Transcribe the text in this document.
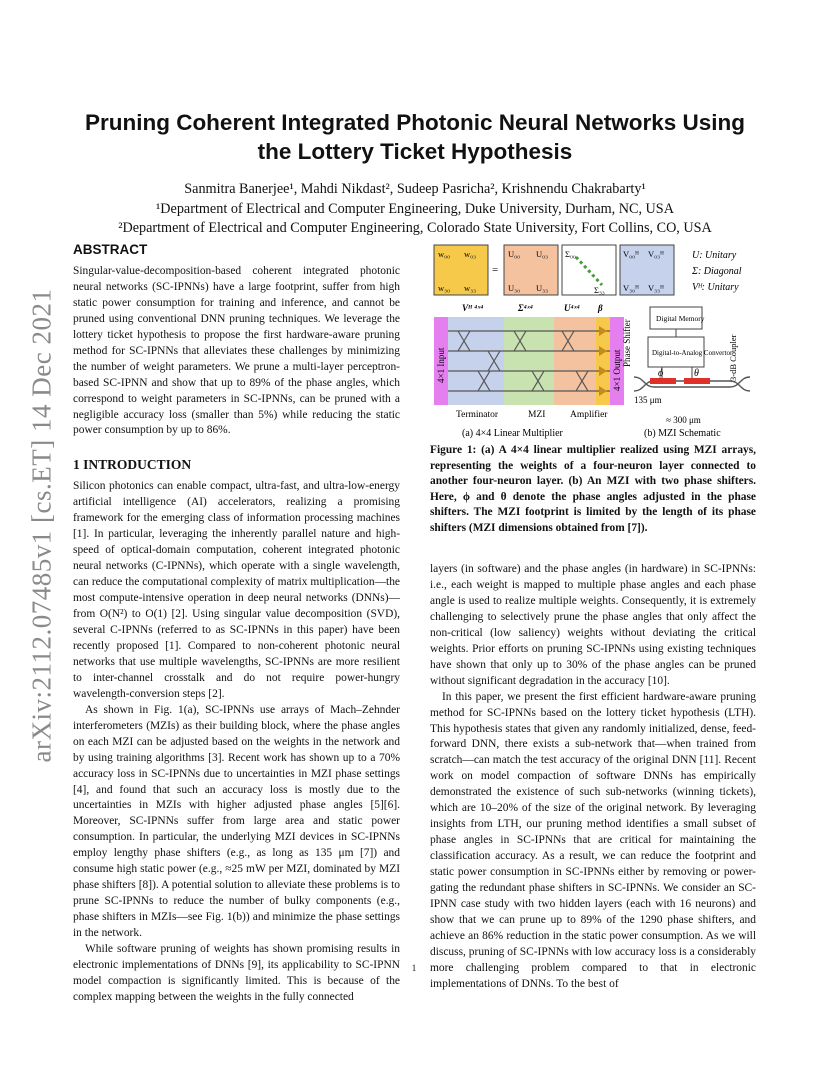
arXiv:2112.07485v1 [cs.ET] 14 Dec 2021
Pruning Coherent Integrated Photonic Neural Networks Using the Lottery Ticket Hypothesis
Sanmitra Banerjee¹, Mahdi Nikdast², Sudeep Pasricha², Krishnendu Chakrabarty¹
¹Department of Electrical and Computer Engineering, Duke University, Durham, NC, USA
²Department of Electrical and Computer Engineering, Colorado State University, Fort Collins, CO, USA
ABSTRACT

Singular-value-decomposition-based coherent integrated photonic neural networks (SC-IPNNs) have a large footprint, suffer from high static power consumption for training and inference, and cannot be pruned using conventional DNN pruning techniques. We leverage the lottery ticket hypothesis to propose the first hardware-aware pruning method for SC-IPNNs that alleviates these challenges by minimizing the number of weight parameters. We prune a multi-layer perceptron-based SC-IPNN and show that up to 89% of the phase angles, which correspond to weight parameters in SC-IPNNs, can be pruned with a negligible accuracy loss (smaller than 5%) while reducing the static power consumption by up to 86%.

1 INTRODUCTION

Silicon photonics can enable compact, ultra-fast, and ultra-low-energy artificial intelligence (AI) accelerators, realizing a promising framework for the emerging class of information processing machines [1]. In particular, leveraging the inherently parallel nature and high-speed of optical-domain computation, coherent integrated photonic neural networks (C-IPNNs), which operate with a single wavelength, can reduce the computational complexity of matrix multiplication—the most compute-intensive operation in deep neural networks (DNNs)—from O(N²) to O(1) [2]. Using singular value decomposition (SVD), several C-IPNNs (referred to as SC-IPNNs in this paper) have been recently proposed [1]. Compared to non-coherent photonic neural networks that use multiple wavelengths, SC-IPNNs are more resilient to inter-channel crosstalk and do not require power-hungry wavelength-conversion steps [2].

As shown in Fig. 1(a), SC-IPNNs use arrays of Mach–Zehnder interferometers (MZIs) as their building block, where the phase angles on each MZI can be adjusted based on the weights in the network and by using training algorithms [3]. Recent work has shown up to a 70% accuracy loss in SC-IPNNs due to uncertainties in MZI phase settings [4], and found that such an accuracy loss is mostly due to the uncertainties in MZIs with higher adjusted phase angles [5][6]. Moreover, SC-IPNNs suffer from large area and static power consumption. In particular, the underlying MZI devices in SC-IPNNs employ lengthy phase shifters (e.g., as long as 135 μm [7]) and consume high static power (e.g., ≈25 mW per MZI, dominated by MZI phase shifters [8]). A potential solution to alleviate these problems is to prune SC-IPNNs to reduce the number of bulky components (e.g., phase shifters in MZIs—see Fig. 1(b)) and minimize the phase settings in the network.

While software pruning of weights has shown promising results in electronic implementations of DNNs [9], its applicability to SC-IPNN model compaction is significantly limited. This is because of the complex mapping between the weights in the fully connected

w₀₀ w₀₃
w₃₀ w₃₃
=
U₀₀ U₀₃
U₃₀ U₃₃
Σ₀₀
Σ₃₃
V₀₀ᴴ V₀₃ᴴ
V₃₀ᴴ V₃₃ᴴ
U: Unitary
Σ: Diagonal
Vᴴ: Unitary
Vᴴ ⁴ˣ⁴	Σ⁴ˣ⁴	U⁴ˣ⁴ β
4×1 Input	4×1 Output
Phase Shifter
Terminator	MZI	Amplifier
(a) 4×4 Linear Multiplier
Digital Memory
Digital-to-Analog Convertor
ϕ	θ
135 μm
3-dB Coupler
≈ 300 μm
(b) MZI Schematic
Figure 1: (a) A 4×4 linear multiplier realized using MZI arrays, representing the weights of a four-neuron layer connected to another four-neuron layer. (b) An MZI with two phase shifters. Here, ϕ and θ denote the phase angles adjusted in the phase shifters. The MZI footprint is limited by the length of its phase shifters (MZI dimensions obtained from [7]).

layers (in software) and the phase angles (in hardware) in SC-IPNNs: i.e., each weight is mapped to multiple phase angles and each phase angle is used to realize multiple weights. Consequently, it is extremely challenging to selectively prune the phase angles that only affect the non-critical (low saliency) weights without deviating the critical weights. Prior efforts on pruning SC-IPNNs using existing techniques have shown that only up to 30% of the phase angles can be pruned without significant degradation in the accuracy [10].

In this paper, we present the first efficient hardware-aware pruning method for SC-IPNNs based on the lottery ticket hypothesis (LTH). This hypothesis states that given any randomly initialized, dense, feed-forward DNN, there exists a sub-network that—when trained from scratch—can match the test accuracy of the original DNN [11]. Recent work on model compaction of software DNNs has empirically demonstrated the existence of such sub-networks (winning tickets), which are 10–20% of the size of the original network. By leveraging insights from LTH, our pruning method identifies a small subset of phase angles in SC-IPNNs that are critical for maintaining the classification accuracy. As a result, we can reduce the footprint and static power consumption in SC-IPNNs either by removing or power-gating the redundant phase shifters in SC-IPNNs. We consider an SC-IPNN case study with two hidden layers (each with 16 neurons) and show that we can prune up to 89% of the 1290 phase shifters, and achieve an 86% reduction in the static power consumption. As we will discuss, pruning of SC-IPNNs with low accuracy loss is a considerably more challenging problem compared to that in electronic implementations of DNNs. To the best of

1
